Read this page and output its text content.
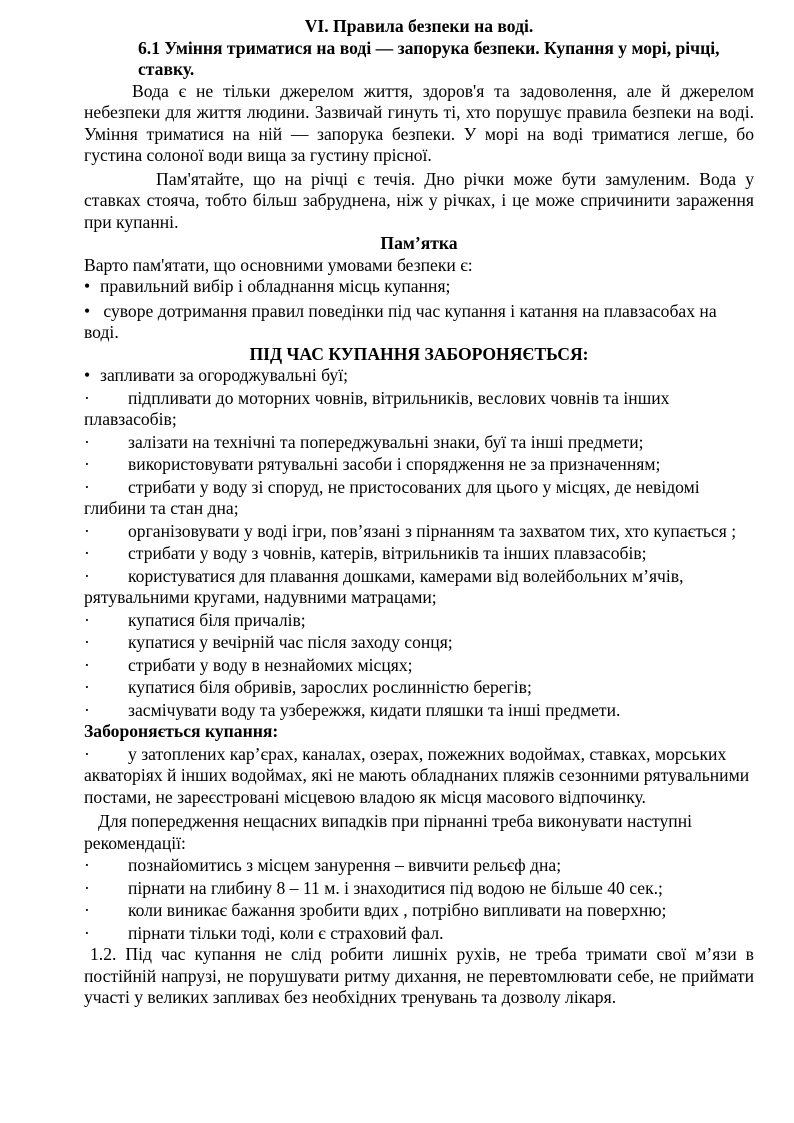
VI. Правила безпеки на воді.

6.1 Уміння триматися на воді — запорука безпеки. Купання у морі, річці, ставку.

Вода є не тільки джерелом життя, здоров'я та задоволення, але й джерелом небезпеки для життя людини. Зазвичай гинуть ті, хто порушує правила безпеки на воді. Уміння триматися на ній — запорука безпеки. У морі на воді триматися легше, бо густина солоної води вища за густину прісної.

Пам'ятайте, що на річці є течія. Дно річки може бути замуленим. Вода у ставках стояча, тобто більш забруднена, ніж у річках, і це може спричинити зараження при купанні.

Пам’ятка

Варто пам'ятати, що основними умовами безпеки є:

• правильний вибір і обладнання місць купання;
• суворе дотримання правил поведінки під час купання і катання на плавзасобах на воді.

ПІД ЧАС КУПАННЯ ЗАБОРОНЯЄТЬСЯ:

• запливати за огороджувальні буї;
· підпливати до моторних човнів, вітрильників, веслових човнів та інших плавзасобів;
· залізати на технічні та попереджувальні знаки, буї та інші предмети;
· використовувати рятувальні засоби і спорядження не за призначенням;
· стрибати у воду зі споруд, не пристосованих для цього у місцях, де невідомі глибини та стан дна;
· організовувати у воді ігри, пов’язані з пірнанням та захватом тих, хто купається ;
· стрибати у воду з човнів, катерів, вітрильників та інших плавзасобів;
· користуватися для плавання дошками, камерами від волейбольних м’ячів, рятувальними кругами, надувними матрацами;
· купатися біля причалів;
· купатися у вечірній час після заходу сонця;
· стрибати у воду в незнайомих місцях;
· купатися біля обривів, зарослих рослинністю берегів;
· засмічувати воду та узбережжя, кидати пляшки та інші предмети.

Забороняється купання:

· у затоплених кар’єрах, каналах, озерах, пожежних водоймах, ставках, морських акваторіях й інших водоймах, які не мають обладнаних пляжів сезонними рятувальними постами, не зареєстровані місцевою владою як місця масового відпочинку.

Для попередження нещасних випадків при пірнанні треба виконувати наступні рекомендації:

· познайомитись з місцем занурення – вивчити рельєф дна;
· пірнати на глибину 8 – 11 м. і знаходитися під водою не більше 40 сек.;
· коли виникає бажання зробити вдих , потрібно випливати на поверхню;
· пірнати тільки тоді, коли є страховий фал.

1.2. Під час купання не слід робити лишніх рухів, не треба тримати свої м’язи в постійній напрузі, не порушувати ритму дихання, не перевтомлювати себе, не приймати участі у великих запливах без необхідних тренувань та дозволу лікаря.
